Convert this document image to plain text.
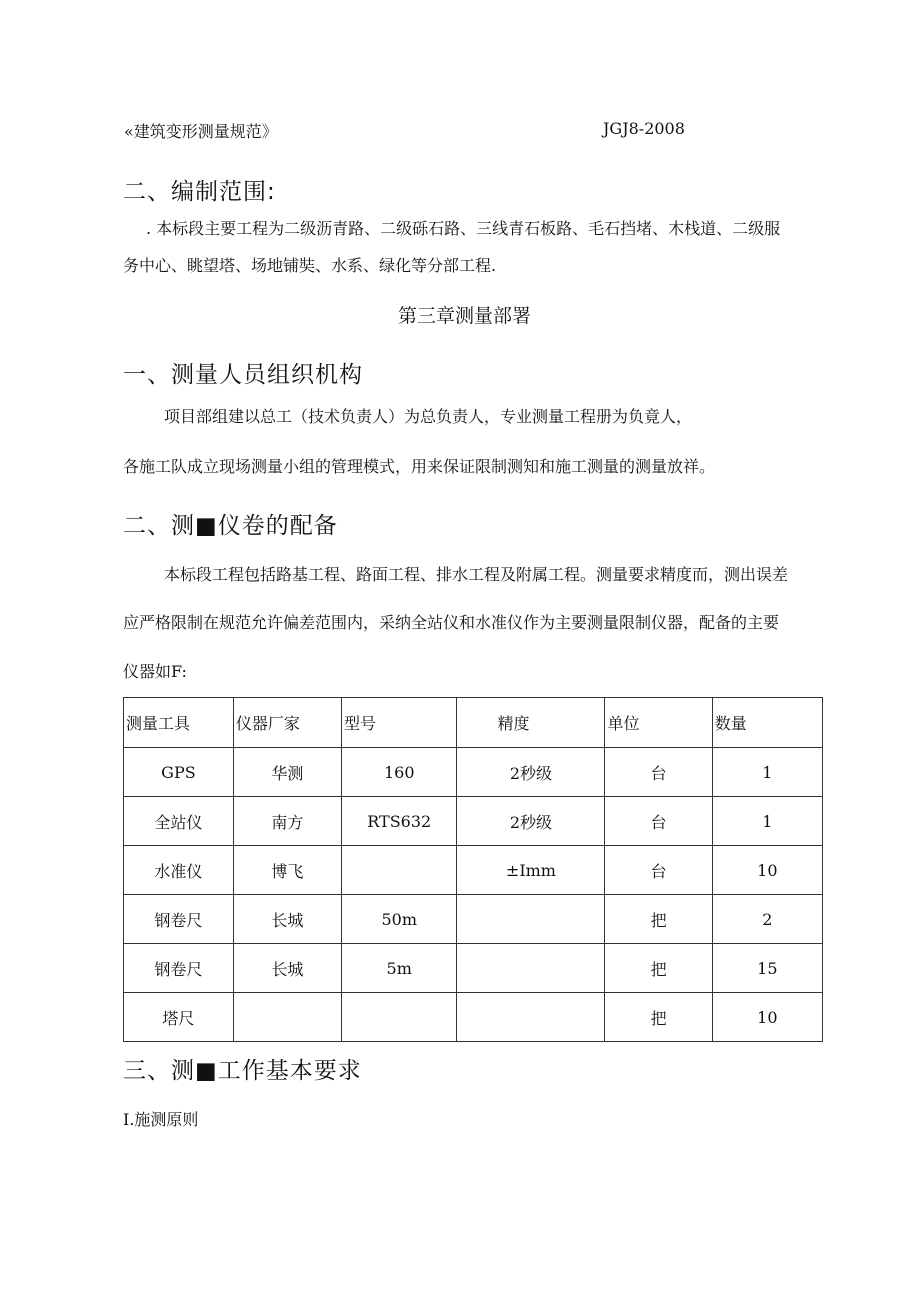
«建筑变形测量规范》	JGJ8-2008
二、编制范围:
. 本标段主要工程为二级沥青路、二级砾石路、三线青石板路、毛石挡堵、木栈道、二级服
务中心、眺望塔、场地铺奘、水系、绿化等分部工程.
第三章测量部署
一、测量人员组织机构
项目部组建以总工（技术负责人）为总负责人，专业测量工程册为负竟人，
各施工队成立现场测量小组的管理模式，用来保证限制测知和施工测量的测量放祥。
二、测■仪卷的配备
本标段工程包括路基工程、路面工程、排水工程及附属工程。测量要求精度而，测出误差
应严格限制在规范允许偏差范围内，采纳全站仪和水准仪作为主要测量限制仪器，配备的主要
仪器如F:
测量工具	仪器厂家	型号	精度	单位	数量
GPS	华测	160	2秒级	台	1
全站仪	南方	RTS632	2秒级	台	1
水准仪	博飞		±Imm	台	10
钢卷尺	长城	50m		把	2
钢卷尺	长城	5m		把	15
塔尺				把	10
三、测■工作基本要求
I.施测原则
